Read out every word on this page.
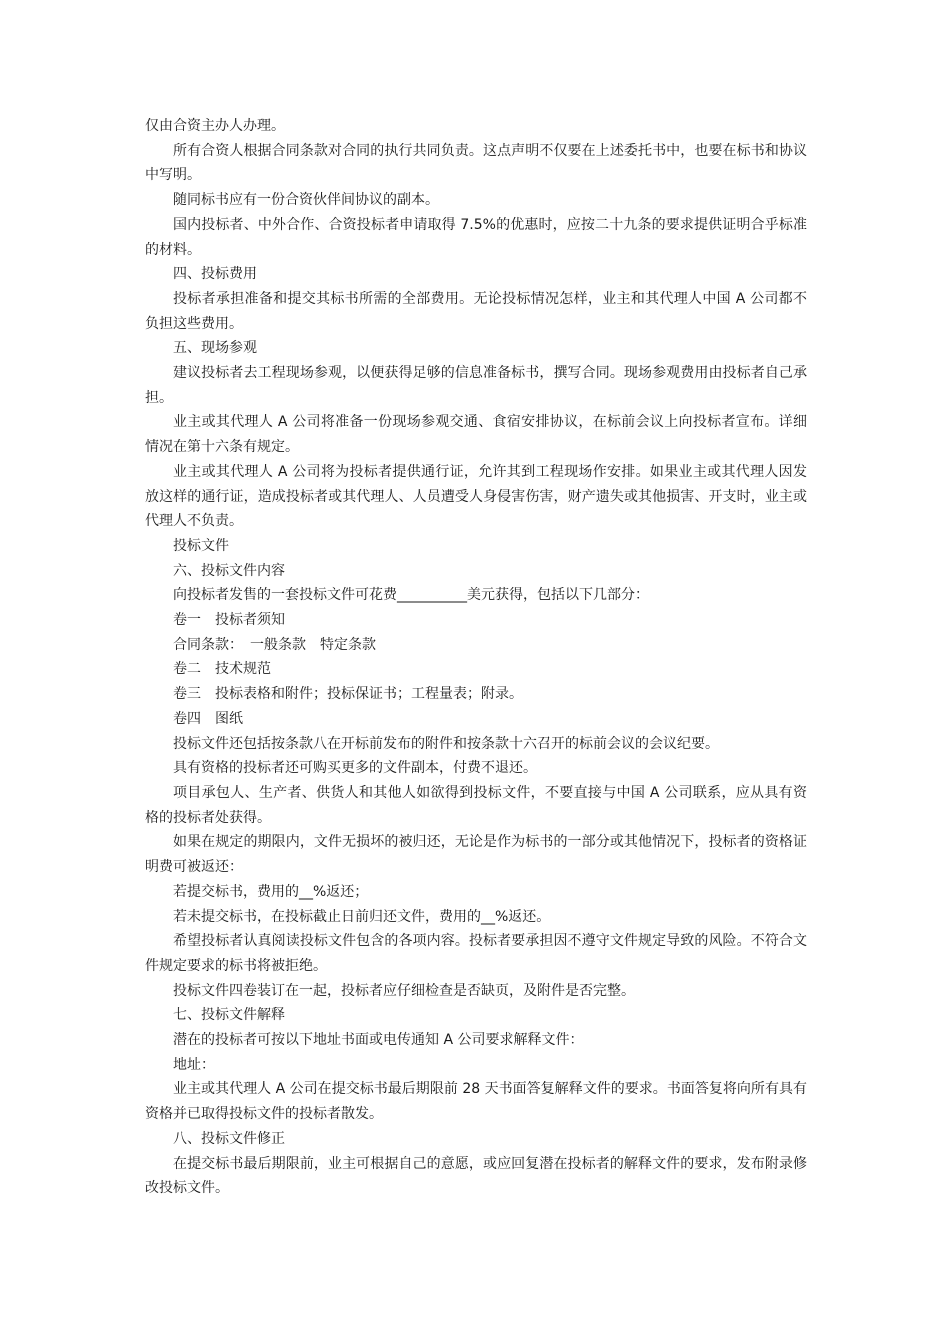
仅由合资主办人办理。

所有合资人根据合同条款对合同的执行共同负责。这点声明不仅要在上述委托书中，也要在标书和协议中写明。

随同标书应有一份合资伙伴间协议的副本。

国内投标者、中外合作、合资投标者申请取得 7.5%的优惠时，应按二十九条的要求提供证明合乎标准的材料。

四、投标费用

投标者承担准备和提交其标书所需的全部费用。无论投标情况怎样，业主和其代理人中国 A 公司都不负担这些费用。

五、现场参观

建议投标者去工程现场参观，以便获得足够的信息准备标书，撰写合同。现场参观费用由投标者自己承担。

业主或其代理人 A 公司将准备一份现场参观交通、食宿安排协议，在标前会议上向投标者宣布。详细情况在第十六条有规定。

业主或其代理人 A 公司将为投标者提供通行证，允许其到工程现场作安排。如果业主或其代理人因发放这样的通行证，造成投标者或其代理人、人员遭受人身侵害伤害，财产遗失或其他损害、开支时，业主或代理人不负责。

投标文件

六、投标文件内容

向投标者发售的一套投标文件可花费__________美元获得，包括以下几部分：

卷一　投标者须知

合同条款：　一般条款　特定条款

卷二　技术规范

卷三　投标表格和附件；投标保证书；工程量表；附录。

卷四　图纸

投标文件还包括按条款八在开标前发布的附件和按条款十六召开的标前会议的会议纪要。

具有资格的投标者还可购买更多的文件副本，付费不退还。

项目承包人、生产者、供货人和其他人如欲得到投标文件，不要直接与中国 A 公司联系，应从具有资格的投标者处获得。

如果在规定的期限内，文件无损坏的被归还，无论是作为标书的一部分或其他情况下，投标者的资格证明费可被返还：

若提交标书，费用的__%返还；

若未提交标书，在投标截止日前归还文件，费用的__%返还。

希望投标者认真阅读投标文件包含的各项内容。投标者要承担因不遵守文件规定导致的风险。不符合文件规定要求的标书将被拒绝。

投标文件四卷装订在一起，投标者应仔细检查是否缺页，及附件是否完整。

七、投标文件解释

潜在的投标者可按以下地址书面或电传通知 A 公司要求解释文件：

地址：

业主或其代理人 A 公司在提交标书最后期限前 28 天书面答复解释文件的要求。书面答复将向所有具有资格并已取得投标文件的投标者散发。

八、投标文件修正

在提交标书最后期限前，业主可根据自己的意愿，或应回复潜在投标者的解释文件的要求，发布附录修改投标文件。
